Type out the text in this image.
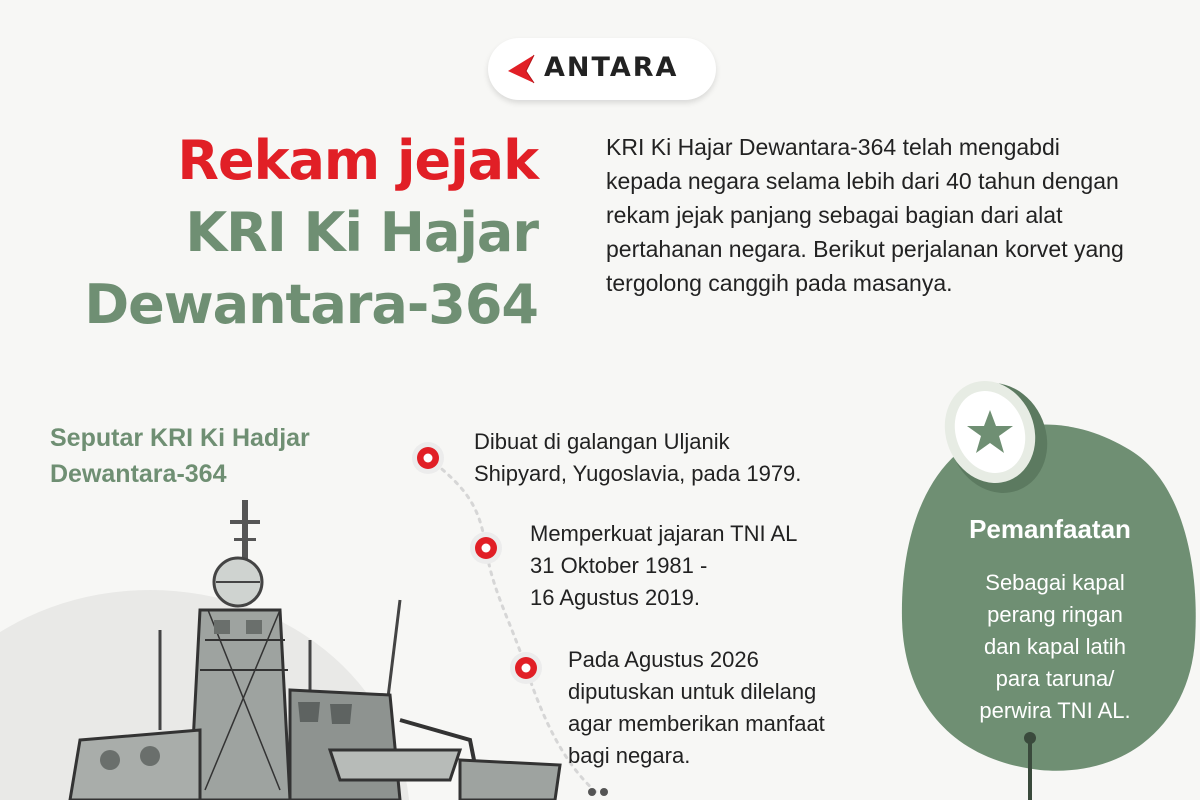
ANTARA
Rekam jejak
KRI Ki Hajar
Dewantara-364
KRI Ki Hajar Dewantara-364 telah mengabdi kepada negara selama lebih dari 40 tahun dengan rekam jejak panjang sebagai bagian dari alat pertahanan negara. Berikut perjalanan korvet yang tergolong canggih pada masanya.
Seputar KRI Ki Hadjar
Dewantara-364
Dibuat di galangan Uljanik
Shipyard, Yugoslavia, pada 1979.
Memperkuat jajaran TNI AL
31 Oktober 1981 -
16 Agustus 2019.
Pada Agustus 2026
diputuskan untuk dilelang
agar memberikan manfaat
bagi negara.
Pemanfaatan
Sebagai kapal
perang ringan
dan kapal latih
para taruna/
perwira TNI AL.
